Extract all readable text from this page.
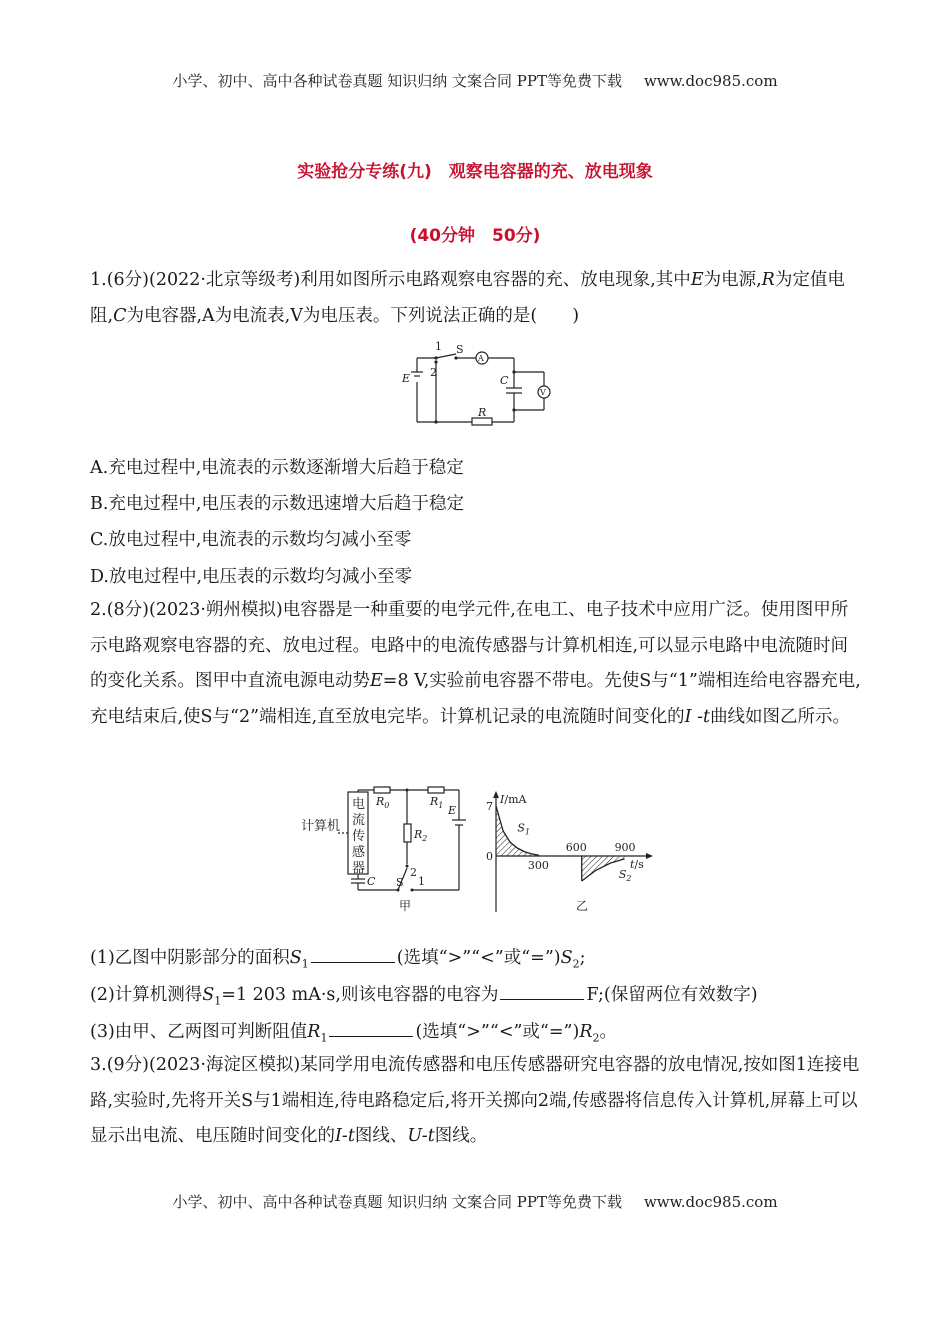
小学、初中、高中各种试卷真题 知识归纳 文案合同 PPT等免费下载 www.doc985.com
实验抢分专练(九)　观察电容器的充、放电现象
(40分钟　50分)
1.(6分)(2022·北京等级考)利用如图所示电路观察电容器的充、放电现象,其中E为电源,R为定值电阻,C为电容器,A为电流表,V为电压表。下列说法正确的是(　　)
1
2
S
E	C
R
A
V
A.充电过程中,电流表的示数逐渐增大后趋于稳定
B.充电过程中,电压表的示数迅速增大后趋于稳定
C.放电过程中,电流表的示数均匀减小至零
D.放电过程中,电压表的示数均匀减小至零
2.(8分)(2023·朔州模拟)电容器是一种重要的电学元件,在电工、电子技术中应用广泛。使用图甲所示电路观察电容器的充、放电过程。电路中的电流传感器与计算机相连,可以显示电路中电流随时间的变化关系。图甲中直流电源电动势E=8 V,实验前电容器不带电。先使S与“1”端相连给电容器充电,充电结束后,使S与“2”端相连,直至放电完毕。计算机记录的电流随时间变化的I -t曲线如图乙所示。
计算机
电
流
传
感
器
$R_0$	$R_1$
$R_2$
E
C S
2
1
甲
I/mA
t/s
7
0
$S_1$
$S_2$
300
600	900
乙
(1)乙图中阴影部分的面积$S_1$	(选填“>”“<”或“$=”)S_2$;
(2)计算机测得$S_1=1$ 203 mA·s,则该电容器的电容为	F;(保留两位有效数字)
(3)由甲、乙两图可判断阻值$R_1$	(选填“>”“<”或“$=”)R_2$。
3.(9分)(2023·海淀区模拟)某同学用电流传感器和电压传感器研究电容器的放电情况,按如图1连接电路,实验时,先将开关S与1端相连,待电路稳定后,将开关掷向2端,传感器将信息传入计算机,屏幕上可以显示出电流、电压随时间变化的I-t图线、U-t图线。
小学、初中、高中各种试卷真题 知识归纳 文案合同 PPT等免费下载 www.doc985.com
